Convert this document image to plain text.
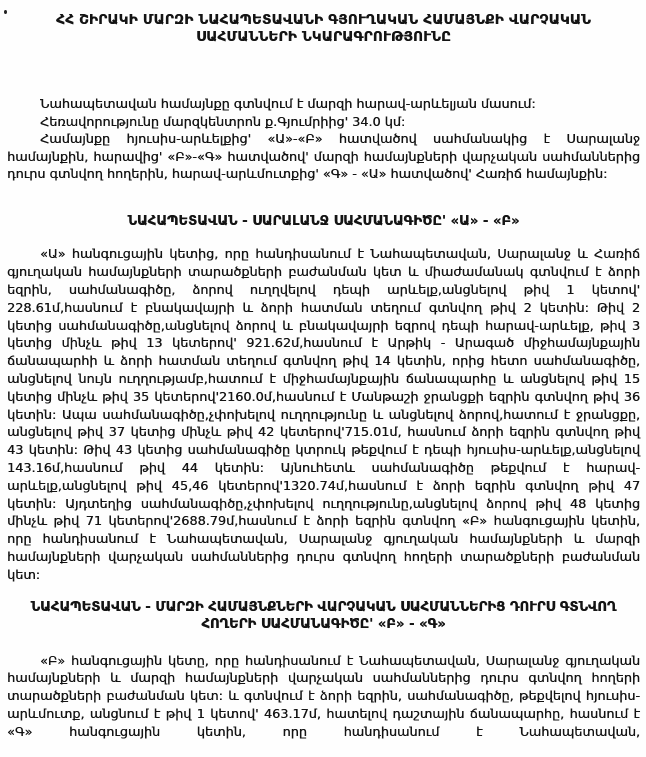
ՀՀ ՇԻՐԱԿԻ ՄԱՐԶԻ ՆԱՀԱՊԵՏԱՎԱՆԻ ԳՅՈՒՂԱԿԱՆ ՀԱՄԱՅՆՔԻ ՎԱՐՉԱԿԱՆ ՍԱՀՄԱՆՆԵՐԻ ՆԿԱՐԱԳՐՈՒԹՅՈՒՆԸ

Նահապետավան համայնքը գտնվում է մարզի հարավ-արևելյան մասում:

Հեռավորությունը մարզկենտրոն ք.Գյումրիից' 34.0 կմ:

Համայնքը հյուսիս-արևելքից' «Ա»-«Բ» հատվածով սահմանակից է Սարալանջ համայնքին, հարավից' «Բ»-«Գ» հատվածով' մարզի համայնքների վարչական սահմաններից դուրս գտնվող հողերին, հարավ-արևմուտքից' «Գ» - «Ա» հատվածով' Հառիճ համայնքին:

ՆԱՀԱՊԵՏԱՎԱՆ - ՍԱՐԱԼԱՆՋ ՍԱՀՄԱՆԱԳԻԾԸ' «Ա» - «Բ»

«Ա» հանգուցային կետից, որը հանդիսանում է Նահապետավան, Սարալանջ և Հառիճ գյուղական համայնքների տարածքների բաժանման կետ և միաժամանակ գտնվում է ձորի եզրին, սահմանագիծը, ձորով ուղղվելով դեպի արևելք,անցնելով թիվ 1 կետով' 228.61մ,հասնում է բնակավայրի և ձորի հատման տեղում գտնվող թիվ 2 կետին: Թիվ 2 կետից սահմանագիծը,անցնելով ձորով և բնակավայրի եզրով դեպի հարավ-արևելք, թիվ 3 կետից մինչև թիվ 13 կետերով' 921.62մ,հասնում է Արթիկ - Արագած միջհամայնքային ճանապարհի և ձորի հատման տեղում գտնվող թիվ 14 կետին, որից հետո սահմանագիծը, անցնելով նույն ուղղությամբ,հատում է միջհամայնքային ճանապարհը և անցնելով թիվ 15 կետից մինչև թիվ 35 կետերով'2160.0մ,հասնում է Մանթաշի ջրանցքի եզրին գտնվող թիվ 36 կետին: Ապա սահմանագիծը,չփոխելով ուղղությունը և անցնելով ձորով,հատում է ջրանցքը, անցնելով թիվ 37 կետից մինչև թիվ 42 կետերով'715.01մ, հասնում ձորի եզրին գտնվող թիվ 43 կետին: Թիվ 43 կետից սահմանագիծը կտրուկ թեքվում է դեպի հյուսիս-արևելք,անցնելով 143.16մ,հասնում թիվ 44 կետին: Այնուհետև սահմանագիծը թեքվում է հարավ-արևելք,անցնելով թիվ 45,46 կետերով'1320.74մ,հասնում է ձորի եզրին գտնվող թիվ 47 կետին: Այդտեղից սահմանագիծը,չփոխելով ուղղությունը,անցնելով ձորով թիվ 48 կետից մինչև թիվ 71 կետերով'2688.79մ,հասնում է ձորի եզրին գտնվող «Բ» հանգուցային կետին, որը հանդիսանում է Նահապետավան, Սարալանջ գյուղական համայնքների և մարզի համայնքների վարչական սահմաններից դուրս գտնվող հողերի տարածքների բաժանման կետ:

ՆԱՀԱՊԵՏԱՎԱՆ - ՄԱՐԶԻ ՀԱՄԱՅՆՔՆԵՐԻ ՎԱՐՉԱԿԱՆ ՍԱՀՄԱՆՆԵՐԻՑ ԴՈՒՐՍ ԳՏՆՎՈՂ ՀՈՂԵՐԻ ՍԱՀՄԱՆԱԳԻԾԸ' «Բ» - «Գ»

«Բ» հանգուցային կետը, որը հանդիսանում է Նահապետավան, Սարալանջ գյուղական համայնքների և մարզի համայնքների վարչական սահմաններից դուրս գտնվող հողերի տարածքների բաժանման կետ: և գտնվում է ձորի եզրին, սահմանագիծը, թեքվելով հյուսիս-արևմուտք, անցնում է թիվ 1 կետով' 463.17մ, հատելով դաշտային ճանապարհը, հասնում է «Գ» հանգուցային կետին, որը հանդիսանում է Նահապետավան,
